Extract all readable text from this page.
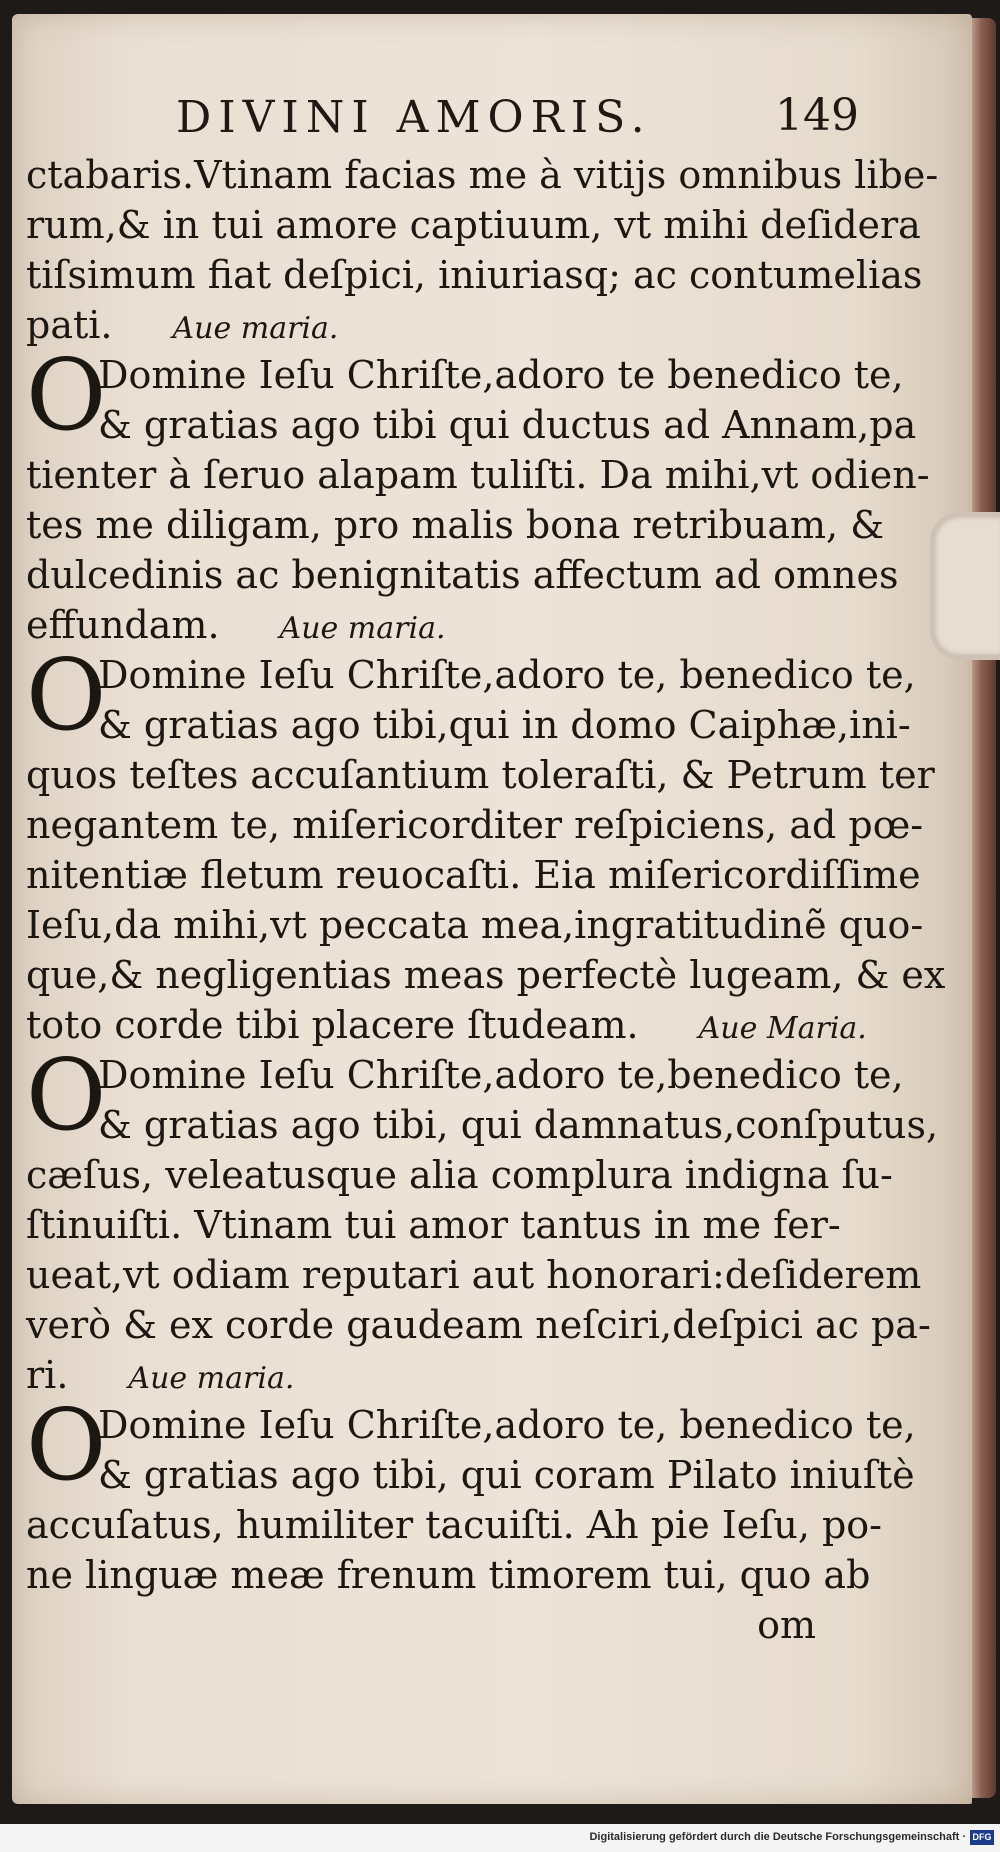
DIVINI AMORIS.	149
ctabaris.Vtinam facias me à vitijs omnibus libe-
rum,& in tui amore captiuum, vt mihi deſidera
tiſsimum fiat deſpici, iniuriasq; ac contumelias
pati. Aue maria.
O
Domine Ieſu Chriſte,adoro te benedico te,
& gratias ago tibi qui ductus ad Annam,pa
tienter à ſeruo alapam tuliſti. Da mihi,vt odien-
tes me diligam, pro malis bona retribuam, &
dulcedinis ac benignitatis affectum ad omnes
effundam. Aue maria.
O
Domine Ieſu Chriſte,adoro te, benedico te,
& gratias ago tibi,qui in domo Caiphæ,ini-
quos teſtes accuſantium toleraſti, & Petrum ter
negantem te, miſericorditer reſpiciens, ad pœ-
nitentiæ fletum reuocaſti. Eia miſericordiſſime
Ieſu,da mihi,vt peccata mea,ingratitudinẽ quo-
que,& negligentias meas perfectè lugeam, & ex
toto corde tibi placere ſtudeam. Aue Maria.
O
Domine Ieſu Chriſte,adoro te,benedico te,
& gratias ago tibi, qui damnatus,conſputus,
cæſus, veleatusque alia complura indigna ſu-
ſtinuiſti. Vtinam tui amor tantus in me fer-
ueat,vt odiam reputari aut honorari:deſiderem
verò & ex corde gaudeam neſciri,deſpici ac pa-
ri. Aue maria.
O
Domine Ieſu Chriſte,adoro te, benedico te,
& gratias ago tibi, qui coram Pilato iniuſtè
accuſatus, humiliter tacuiſti. Ah pie Ieſu, po-
ne linguæ meæ frenum timorem tui, quo ab
om
Digitalisierung gefördert durch die Deutsche Forschungsgemeinschaft · DFG
